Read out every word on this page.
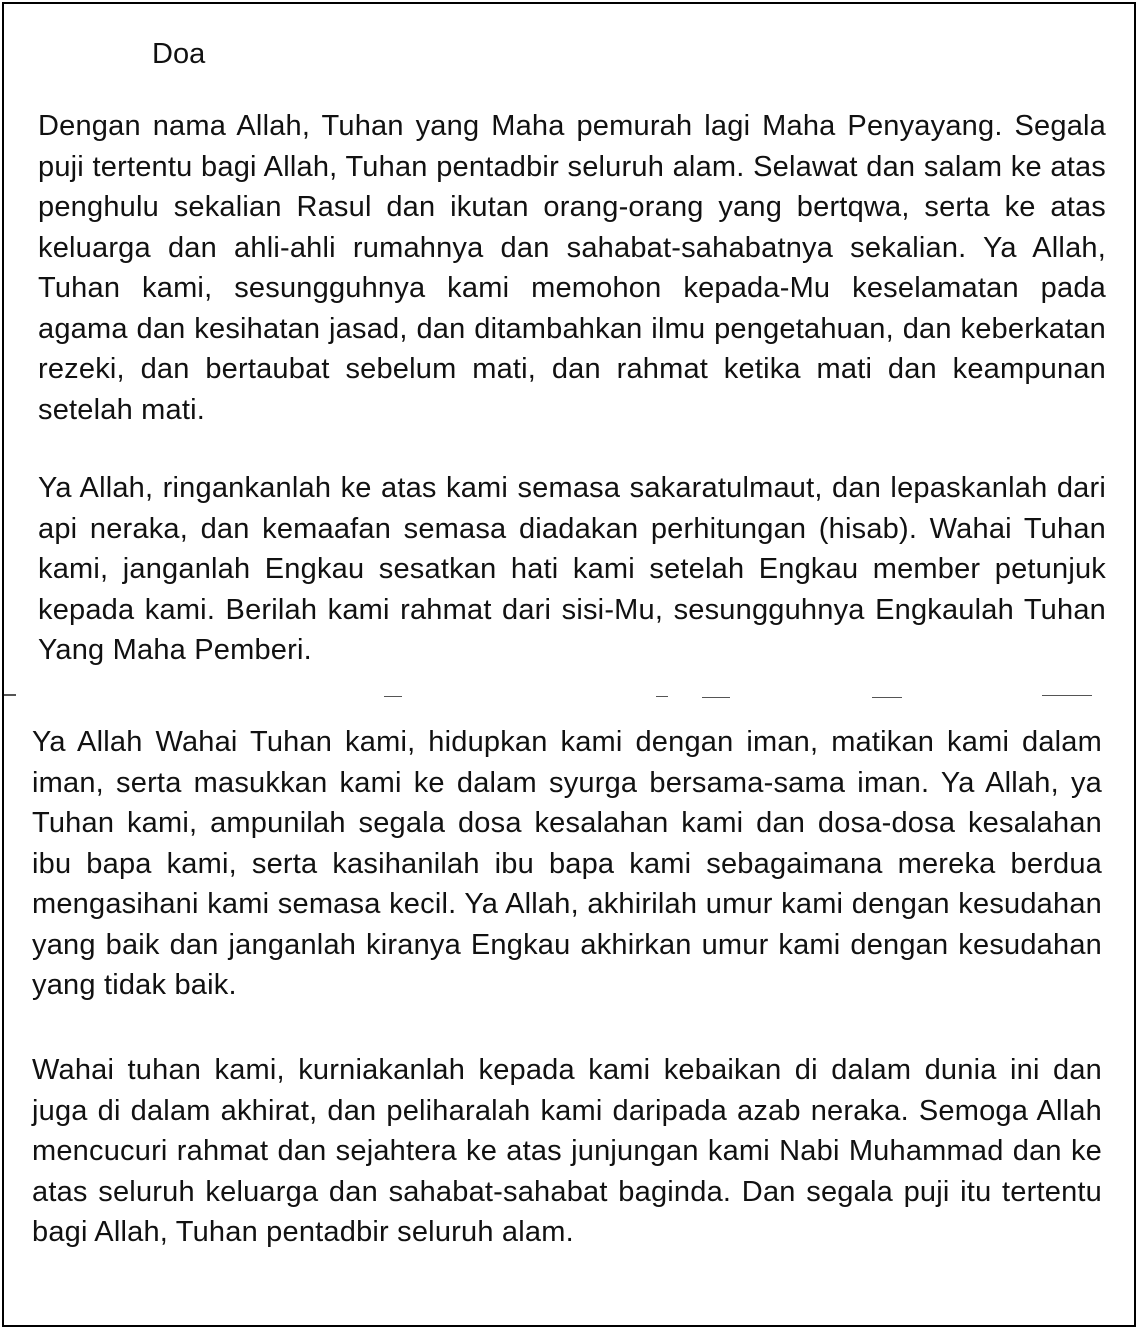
Doa

Dengan nama Allah, Tuhan yang Maha pemurah lagi Maha Penyayang. Segala puji tertentu bagi Allah, Tuhan pentadbir seluruh alam. Selawat dan salam ke atas penghulu sekalian Rasul dan ikutan orang-orang yang bertqwa, serta ke atas keluarga dan ahli-ahli rumahnya dan sahabat-sahabatnya sekalian. Ya Allah, Tuhan kami, sesungguhnya kami memohon kepada-Mu keselamatan pada agama dan kesihatan jasad, dan ditambahkan ilmu pengetahuan, dan keberkatan rezeki, dan bertaubat sebelum mati, dan rahmat ketika mati dan keampunan setelah mati.

Ya Allah, ringankanlah ke atas kami semasa sakaratulmaut, dan lepaskanlah dari api neraka, dan kemaafan semasa diadakan perhitungan (hisab). Wahai Tuhan kami, janganlah Engkau sesatkan hati kami setelah Engkau member petunjuk kepada kami. Berilah kami rahmat dari sisi-Mu, sesungguhnya Engkaulah Tuhan Yang Maha Pemberi.

Ya Allah Wahai Tuhan kami, hidupkan kami dengan iman, matikan kami dalam iman, serta masukkan kami ke dalam syurga bersama-sama iman. Ya Allah, ya Tuhan kami, ampunilah segala dosa kesalahan kami dan dosa-dosa kesalahan ibu bapa kami, serta kasihanilah ibu bapa kami sebagaimana mereka berdua mengasihani kami semasa kecil. Ya Allah, akhirilah umur kami dengan kesudahan yang baik dan janganlah kiranya Engkau akhirkan umur kami dengan kesudahan yang tidak baik.

Wahai tuhan kami, kurniakanlah kepada kami kebaikan di dalam dunia ini dan juga di dalam akhirat, dan peliharalah kami daripada azab neraka. Semoga Allah mencucuri rahmat dan sejahtera ke atas junjungan kami Nabi Muhammad dan ke atas seluruh keluarga dan sahabat-sahabat baginda. Dan segala puji itu tertentu bagi Allah, Tuhan pentadbir seluruh alam.
